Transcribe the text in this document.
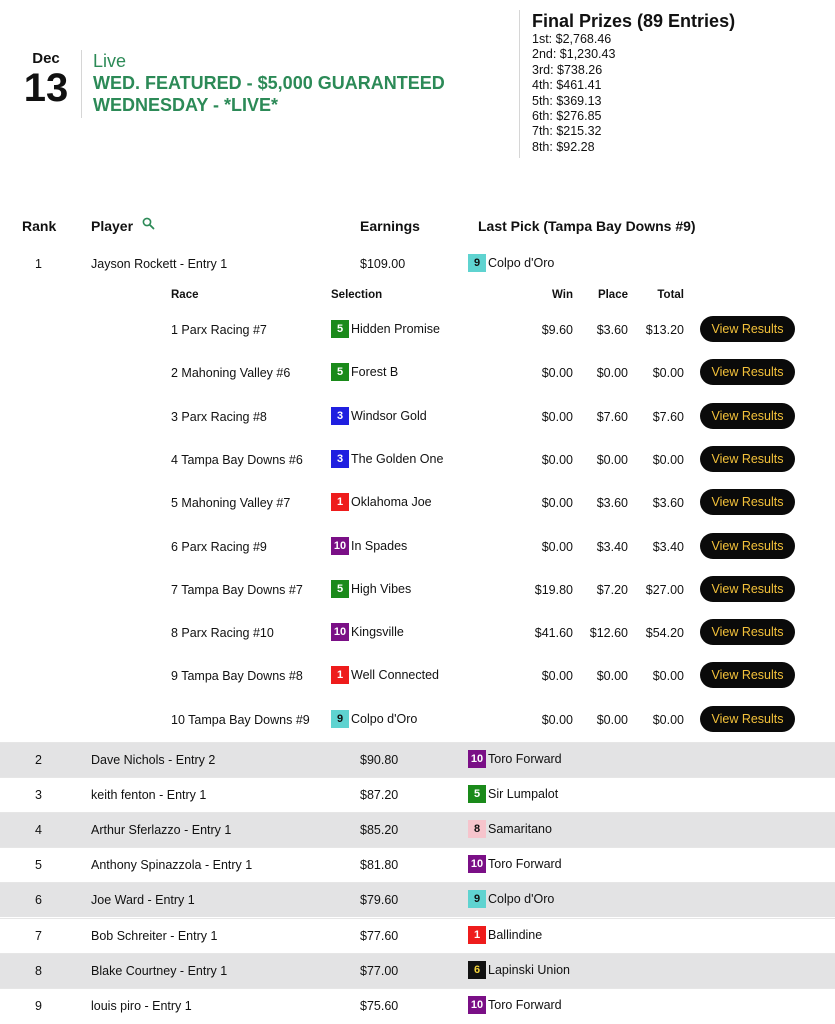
Dec
13
Live
WED. FEATURED - $5,000 GUARANTEED
WEDNESDAY - *LIVE*
Final Prizes (89 Entries)
1st: $2,768.46
2nd: $1,230.43
3rd: $738.26
4th: $461.41
5th: $369.13
6th: $276.85
7th: $215.32
8th: $92.28
Rank Player	Earnings	Last Pick (Tampa Bay Downs #9)
1	Jayson Rockett - Entry 1	$109.00	9 Colpo d'Oro
Race	Selection	Win	Place	Total
1 Parx Racing #7	5 Hidden Promise	$9.60	$3.60	$13.20	View Results
2 Mahoning Valley #6	5 Forest B	$0.00	$0.00	$0.00	View Results
3 Parx Racing #8	3 Windsor Gold	$0.00	$7.60	$7.60	View Results
4 Tampa Bay Downs #6	3 The Golden One	$0.00	$0.00	$0.00	View Results
5 Mahoning Valley #7	1 Oklahoma Joe	$0.00	$3.60	$3.60	View Results
6 Parx Racing #9	10 In Spades	$0.00	$3.40	$3.40	View Results
7 Tampa Bay Downs #7	5 High Vibes	$19.80	$7.20	$27.00	View Results
8 Parx Racing #10	10 Kingsville	$41.60	$12.60	$54.20	View Results
9 Tampa Bay Downs #8	1 Well Connected	$0.00	$0.00	$0.00	View Results
10 Tampa Bay Downs #9	9 Colpo d'Oro	$0.00	$0.00	$0.00	View Results
2	Dave Nichols - Entry 2	$90.80	10 Toro Forward
3	keith fenton - Entry 1	$87.20	5 Sir Lumpalot
4	Arthur Sferlazzo - Entry 1	$85.20	8 Samaritano
5	Anthony Spinazzola - Entry 1	$81.80	10 Toro Forward
6	Joe Ward - Entry 1	$79.60	9 Colpo d'Oro
7	Bob Schreiter - Entry 1	$77.60	1 Ballindine
8	Blake Courtney - Entry 1	$77.00	6 Lapinski Union
9	louis piro - Entry 1	$75.60	10 Toro Forward
